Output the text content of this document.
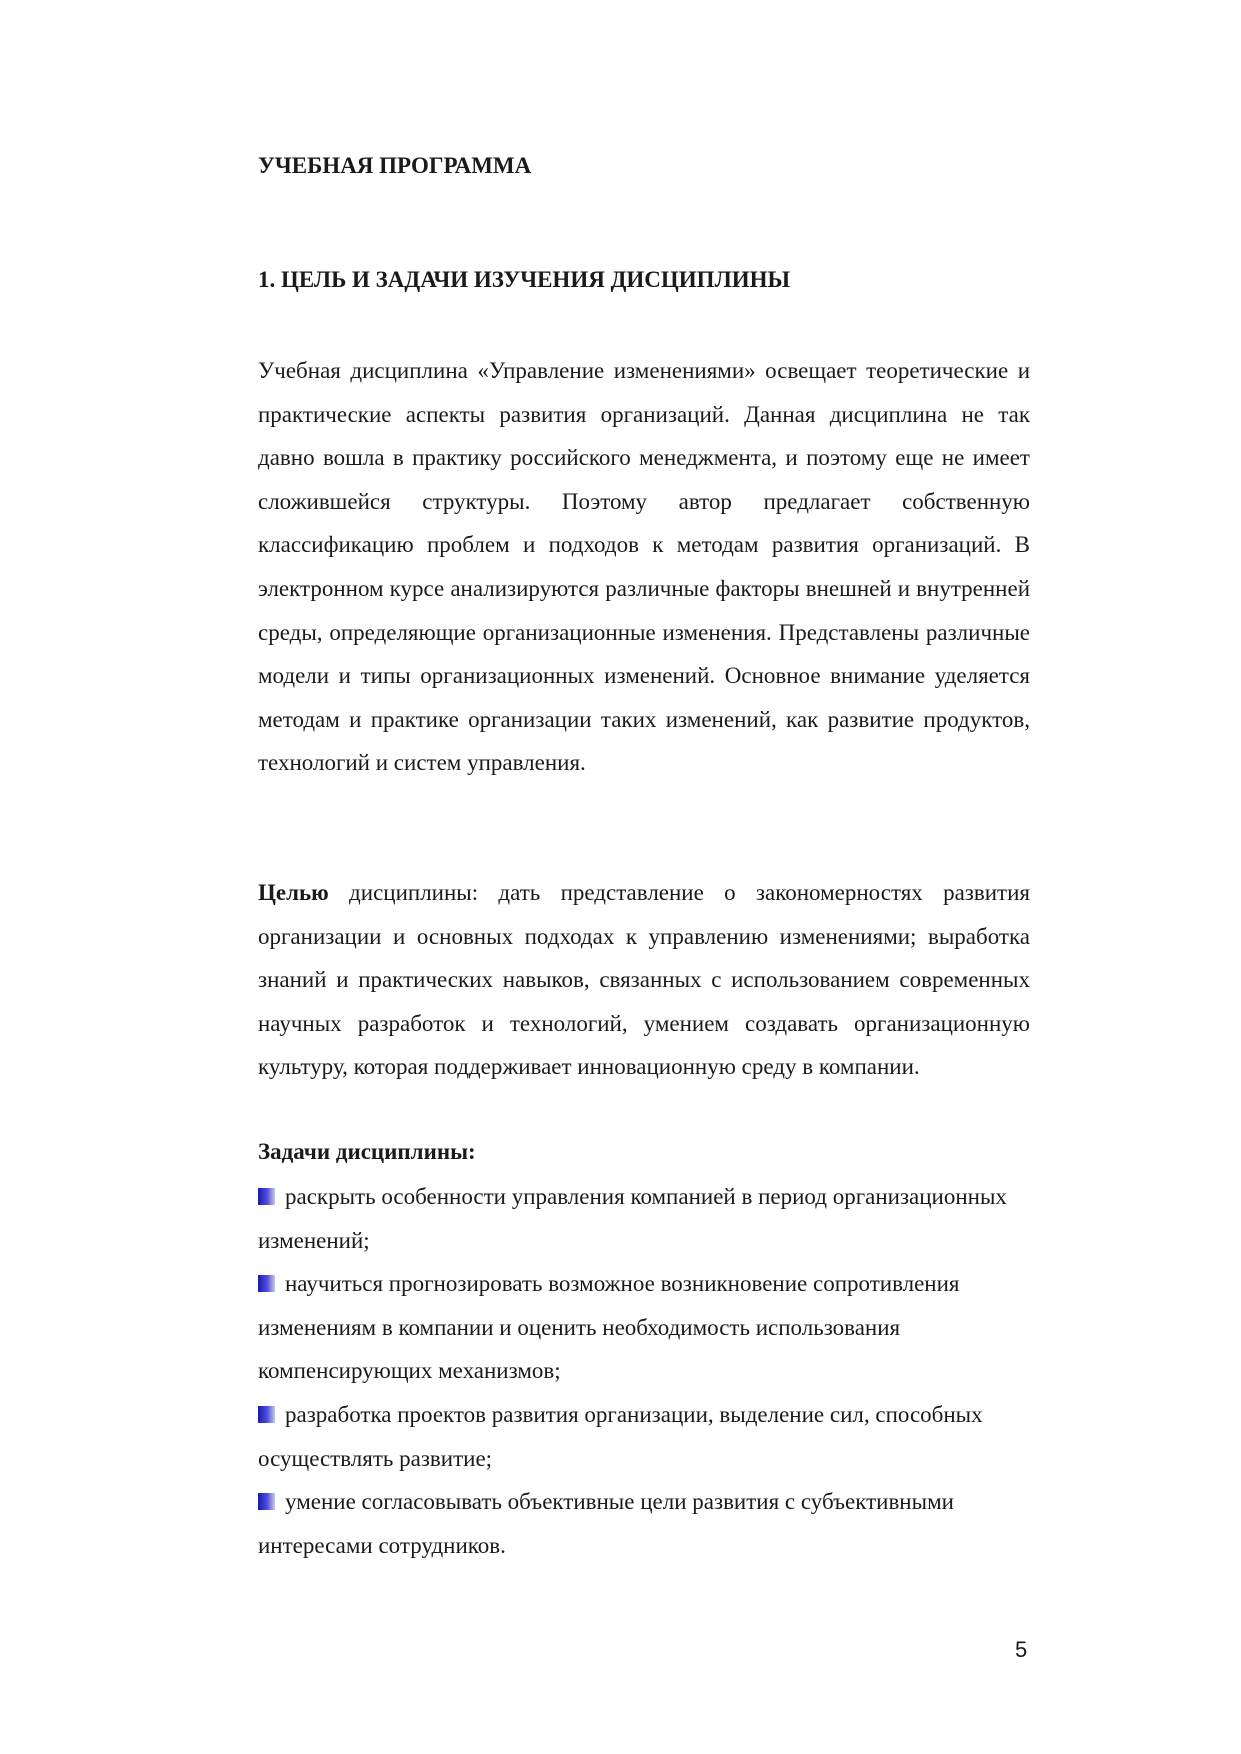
УЧЕБНАЯ ПРОГРАММА
1. ЦЕЛЬ И ЗАДАЧИ ИЗУЧЕНИЯ ДИСЦИПЛИНЫ

Учебная дисциплина «Управление изменениями» освещает теоретические и практические аспекты развития организаций. Данная дисциплина не так давно вошла в практику российского менеджмента, и поэтому еще не имеет сложившейся структуры. Поэтому автор предлагает собственную классификацию проблем и подходов к методам развития организаций. В электронном курсе анализируются различные факторы внешней и внутренней среды, определяющие организационные изменения. Представлены различные модели и типы организационных изменений. Основное внимание уделяется методам и практике организации таких изменений, как развитие продуктов, технологий и систем управления.

Целью дисциплины: дать представление о закономерностях развития организации и основных подходах к управлению изменениями; выработка знаний и практических навыков, связанных с использованием современных научных разработок и технологий, умением создавать организационную культуру, которая поддерживает инновационную среду в компании.

Задачи дисциплины:
раскрыть особенности управления компанией в период организационных изменений;
научиться прогнозировать возможное возникновение сопротивления изменениям в компании и оценить необходимость использования компенсирующих механизмов;
разработка проектов развития организации, выделение сил, способных осуществлять развитие;
умение согласовывать объективные цели развития с субъективными интересами сотрудников.
5
